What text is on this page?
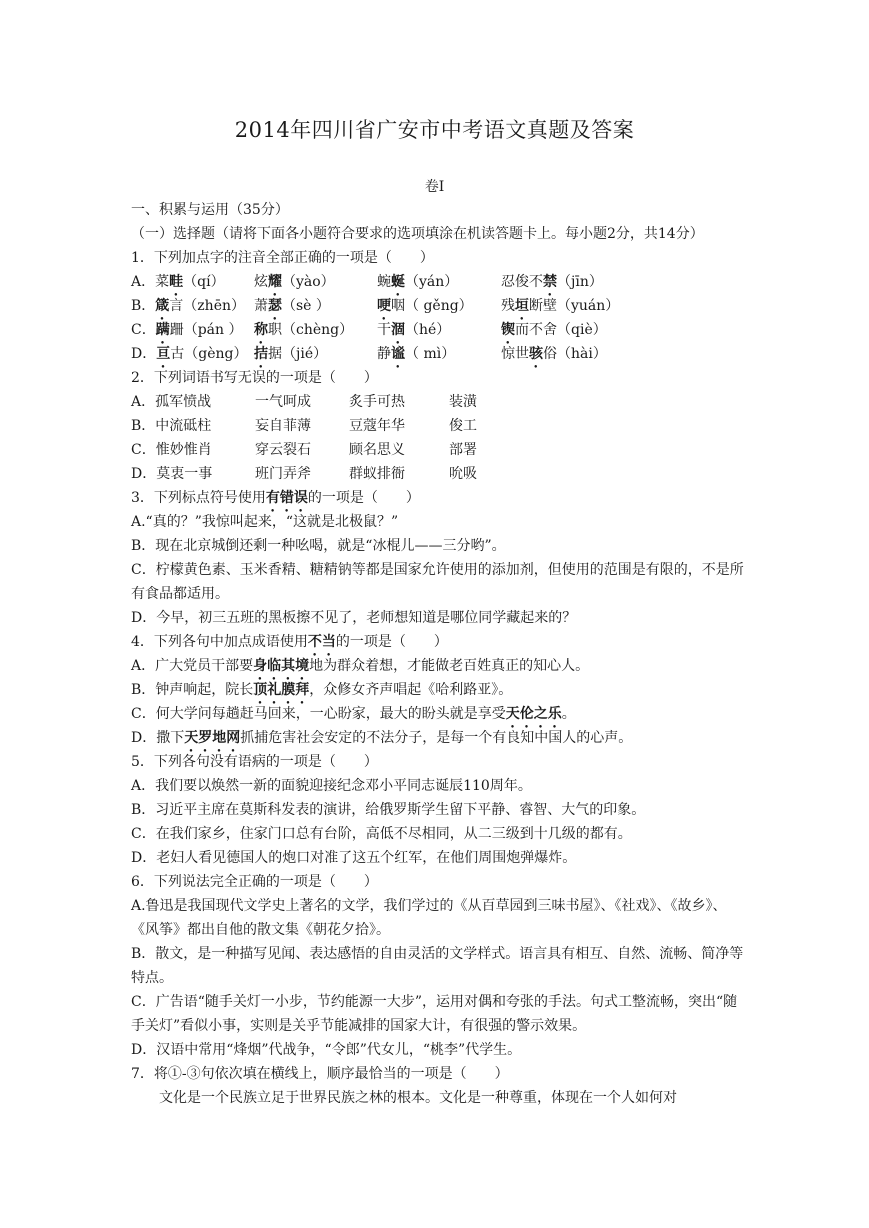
2014年四川省广安市中考语文真题及答案
卷Ⅰ
一、积累与运用（35分）
（一）选择题（请将下面各小题符合要求的选项填涂在机读答题卡上。每小题2分，共14分）
1．下列加点字的注音全部正确的一项是（　　）
A．菜畦（qí）	炫耀（yào）	蜿蜒（yán）	忍俊不禁（jīn）
B．箴言（zhēn） 萧瑟（sè ）	哽咽（ gěng）	残垣断壁（yuán）
C．蹒跚（pán ） 称职（chèng）	干涸（hé）	锲而不舍（qiè）
D．亘古（gèng） 拮据（jié）	静谧（ mì）	惊世骇俗（hài）
2．下列词语书写无误的一项是（　　）
A．孤军愤战	一气呵成	炙手可热	装潢
B．中流砥柱	妄自菲薄	豆蔻年华	俊工
C．惟妙惟肖	穿云裂石	顾名思义	部署
D．莫衷一事	班门弄斧	群蚁排衙	吮吸
3．下列标点符号使用有错误的一项是（　　）
A.“真的？”我惊叫起来，“这就是北极鼠？”
B．现在北京城倒还剩一种吆喝，就是“冰棍儿——三分哟”。
C．柠檬黄色素、玉米香精、糖精钠等都是国家允许使用的添加剂，但使用的范围是有限的，不是所有食品都适用。
D．今早，初三五班的黑板擦不见了，老师想知道是哪位同学藏起来的？
4．下列各句中加点成语使用不当的一项是（　　）
A．广大党员干部要身临其境地为群众着想，才能做老百姓真正的知心人。
B．钟声响起，院长顶礼膜拜，众修女齐声唱起《哈利路亚》。
C．何大学问每趟赶马回来，一心盼家，最大的盼头就是享受天伦之乐。
D．撒下天罗地网抓捕危害社会安定的不法分子，是每一个有良知中国人的心声。
5．下列各句没有语病的一项是（　　）
A．我们要以焕然一新的面貌迎接纪念邓小平同志诞辰110周年。
B．习近平主席在莫斯科发表的演讲，给俄罗斯学生留下平静、睿智、大气的印象。
C．在我们家乡，住家门口总有台阶，高低不尽相同，从二三级到十几级的都有。
D．老妇人看见德国人的炮口对准了这五个红军，在他们周围炮弹爆炸。
6．下列说法完全正确的一项是（　　）
A.鲁迅是我国现代文学史上著名的文学，我们学过的《从百草园到三味书屋》、《社戏》、《故乡》、《风筝》都出自他的散文集《朝花夕拾》。
B．散文，是一种描写见闻、表达感悟的自由灵活的文学样式。语言具有相互、自然、流畅、简净等特点。
C．广告语“随手关灯一小步，节约能源一大步”，运用对偶和夸张的手法。句式工整流畅，突出“随手关灯”看似小事，实则是关乎节能减排的国家大计，有很强的警示效果。
D．汉语中常用“烽烟”代战争，“令郎”代女儿，“桃李”代学生。
7．将①-③句依次填在横线上，顺序最恰当的一项是（　　）
文化是一个民族立足于世界民族之林的根本。文化是一种尊重，体现在一个人如何对
